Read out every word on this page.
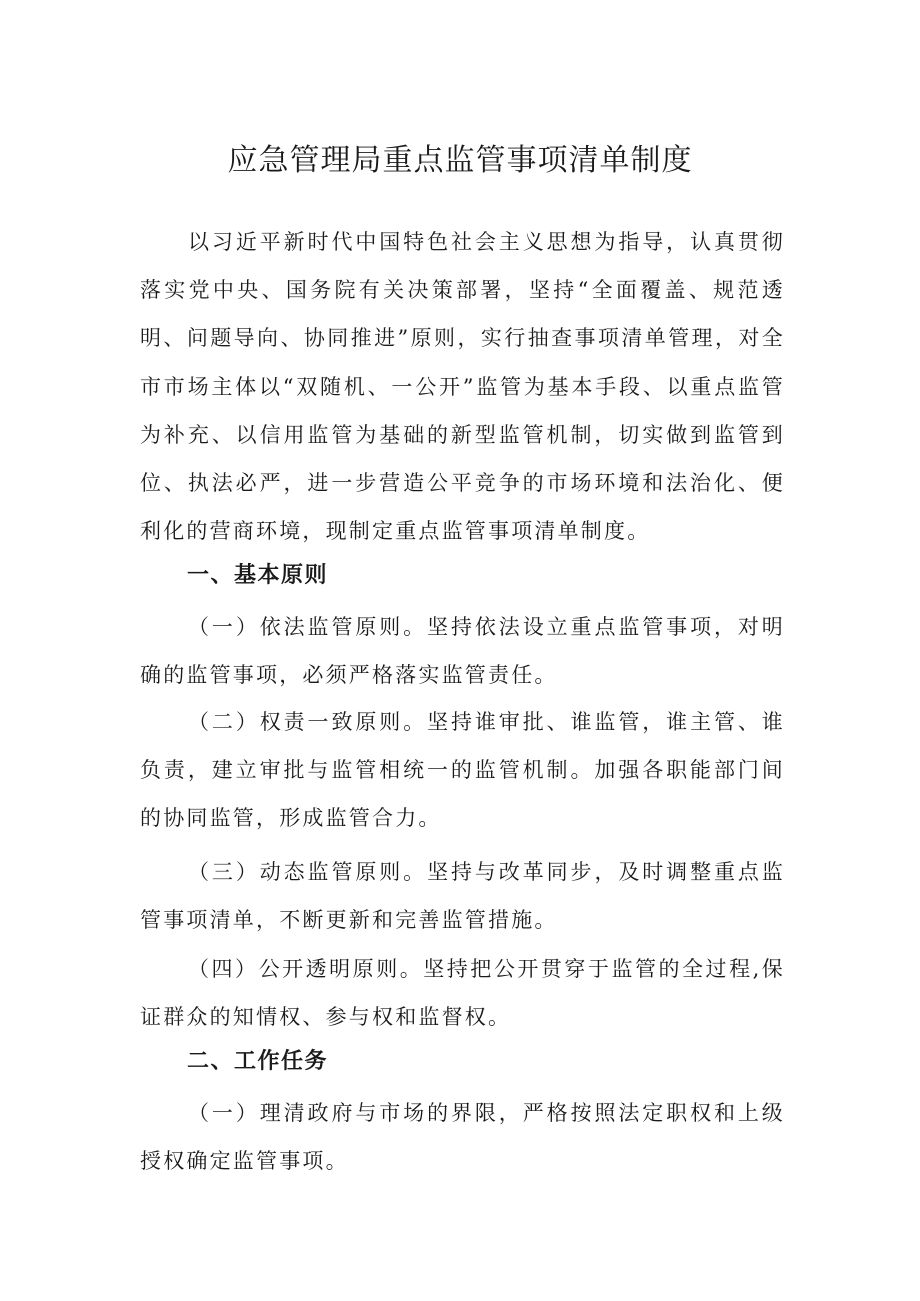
应急管理局重点监管事项清单制度

以习近平新时代中国特色社会主义思想为指导，认真贯彻落实党中央、国务院有关决策部署，坚持“全面覆盖、规范透明、问题导向、协同推进”原则，实行抽查事项清单管理，对全市市场主体以“双随机、一公开”监管为基本手段、以重点监管为补充、以信用监管为基础的新型监管机制，切实做到监管到位、执法必严，进一步营造公平竞争的市场环境和法治化、便利化的营商环境，现制定重点监管事项清单制度。

一、基本原则

（一）依法监管原则。坚持依法设立重点监管事项，对明确的监管事项，必须严格落实监管责任。

（二）权责一致原则。坚持谁审批、谁监管，谁主管、谁负责，建立审批与监管相统一的监管机制。加强各职能部门间的协同监管，形成监管合力。

（三）动态监管原则。坚持与改革同步，及时调整重点监管事项清单，不断更新和完善监管措施。

（四）公开透明原则。坚持把公开贯穿于监管的全过程,保证群众的知情权、参与权和监督权。

二、工作任务

（一）理清政府与市场的界限，严格按照法定职权和上级授权确定监管事项。
